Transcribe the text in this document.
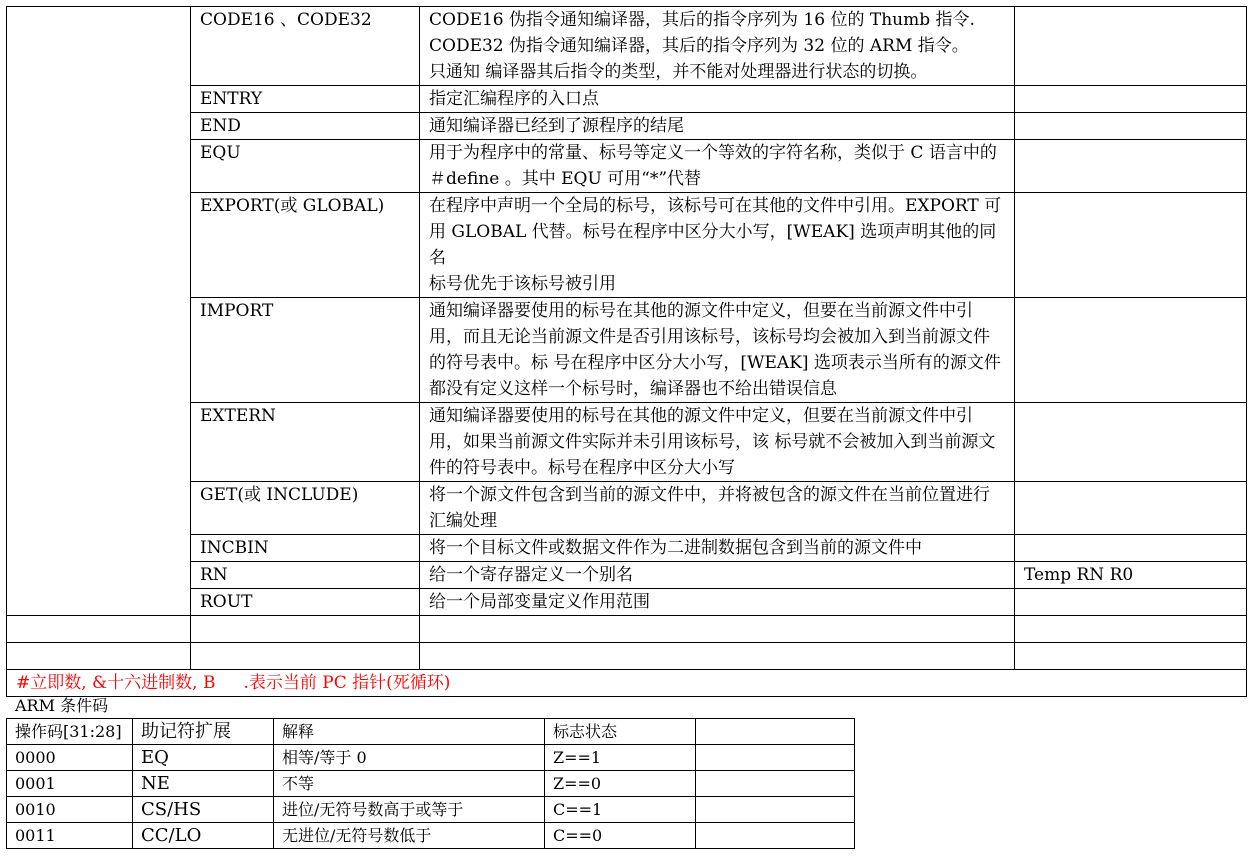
	CODE16 、CODE32	CODE16 伪指令通知编译器，其后的指令序列为 16 位的 Thumb 指令.
CODE32 伪指令通知编译器，其后的指令序列为 32 位的 ARM 指令。
只通知 编译器其后指令的类型，并不能对处理器进行状态的切换。	

	ENTRY	指定汇编程序的入口点	

	END	通知编译器已经到了源程序的结尾	

	EQU	用于为程序中的常量、标号等定义一个等效的字符名称，类似于 C 语言中的
＃define 。其中 EQU 可用“*”代替	

	EXPORT(或 GLOBAL)	在程序中声明一个全局的标号，该标号可在其他的文件中引用。EXPORT 可
用 GLOBAL 代替。标号在程序中区分大小写，[WEAK] 选项声明其他的同名
标号优先于该标号被引用	

	IMPORT	通知编译器要使用的标号在其他的源文件中定义，但要在当前源文件中引
用，而且无论当前源文件是否引用该标号，该标号均会被加入到当前源文件
的符号表中。标 号在程序中区分大小写，[WEAK] 选项表示当所有的源文件
都没有定义这样一个标号时，编译器也不给出错误信息	

	EXTERN	通知编译器要使用的标号在其他的源文件中定义，但要在当前源文件中引
用，如果当前源文件实际并未引用该标号，该 标号就不会被加入到当前源文
件的符号表中。标号在程序中区分大小写	

	GET(或 INCLUDE)	将一个源文件包含到当前的源文件中，并将被包含的源文件在当前位置进行
汇编处理	

	INCBIN	将一个目标文件或数据文件作为二进制数据包含到当前的源文件中	

	RN	给一个寄存器定义一个别名	Temp RN R0
	ROUT	给一个局部变量定义作用范围	

#立即数, &十六进制数, B .表示当前 PC 指针(死循环)			
ARM 条件码
操作码[31:28]	助记符扩展	解释	标志状态	
0000	EQ	相等/等于 0	Z==1	
0001	NE	不等	Z==0	
0010	CS/HS	进位/无符号数高于或等于	C==1	
0011	CC/LO	无进位/无符号数低于	C==0	
